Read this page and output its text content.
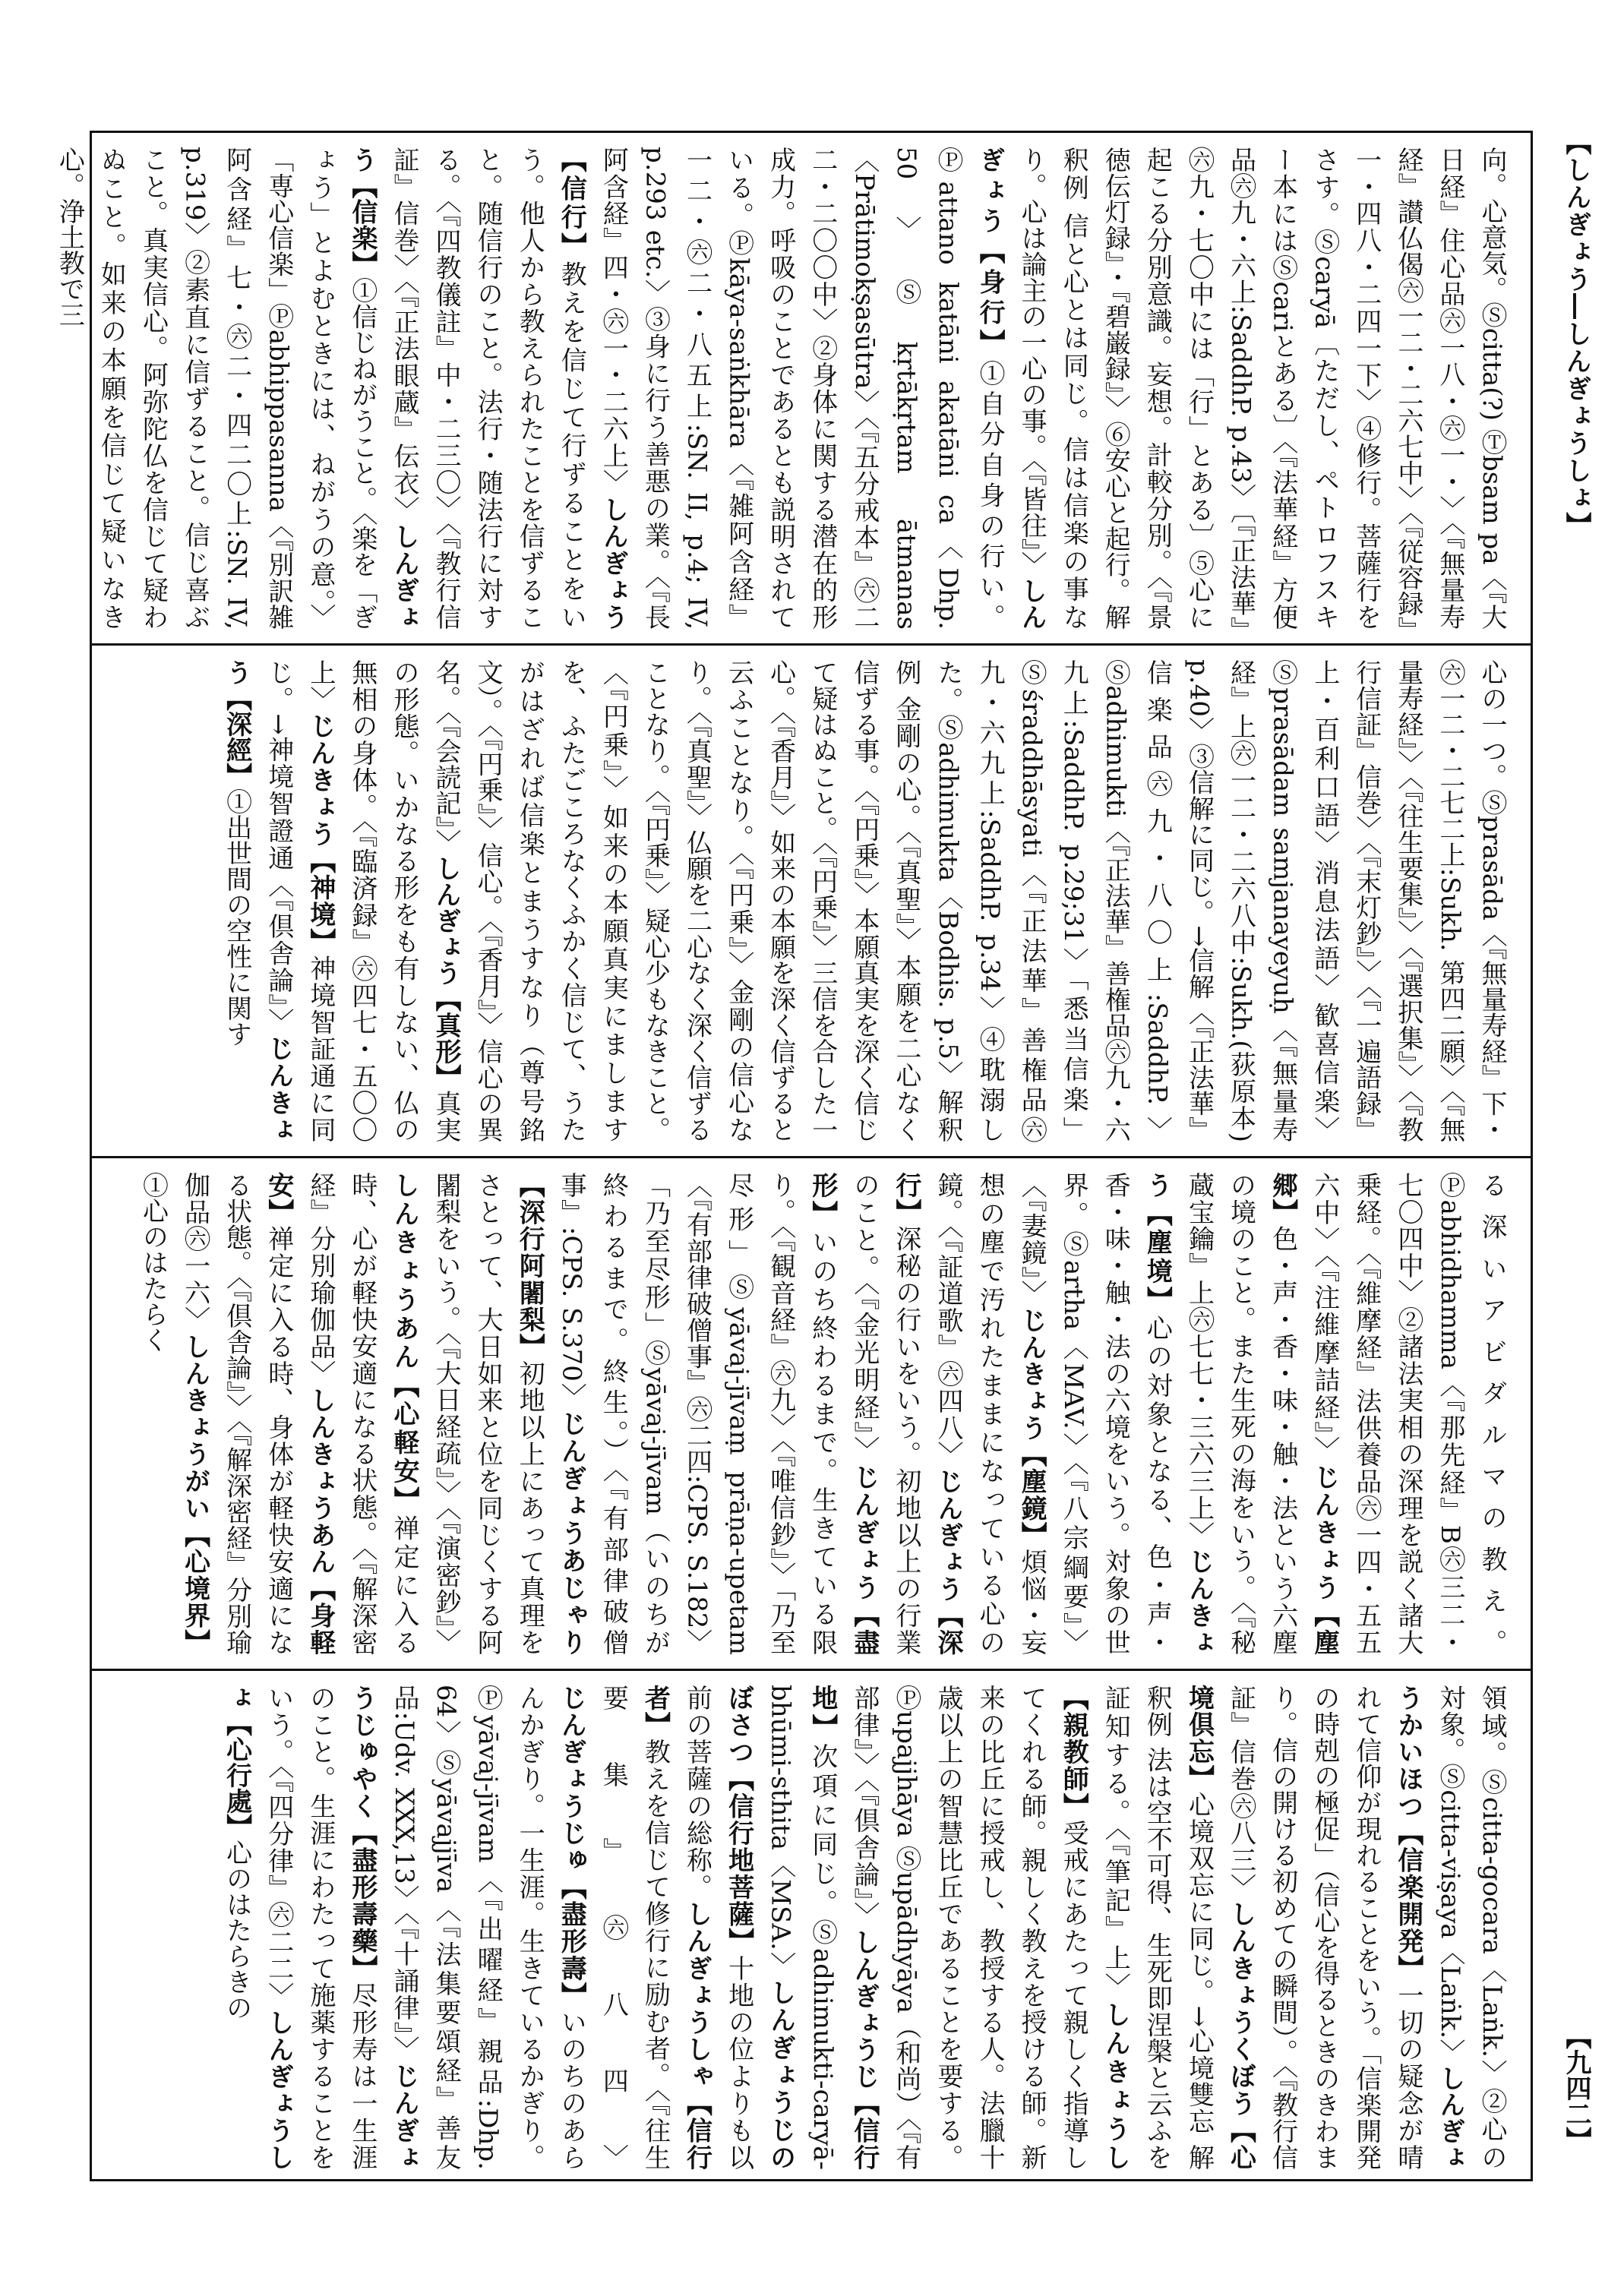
【しんぎょう―しんぎょうしょ】
【九四二】
向。心意気。Ⓢcitta(?) Ⓣbsam pa〈『大日経』住心品㊅一八・㊅一・〉〈『無量寿経』讃仏偈㊅一二・二六七中〉〈『従容録』一・四八・二四一下〉④修行。菩薩行をさす。Ⓢcaryā〔ただし、ペトロフスキー本にはⓈcariとある〕〈『法華経』方便品㊅九・六上:SaddhP. p.43〉〔『正法華』㊅九・七〇中には「行」とある〕⑤心に起こる分別意識。妄想。計較分別。〈『景徳伝灯録』・『碧巌録』〉⑥安心と起行。解釈例 信と心とは同じ。信は信楽の事なり。心は論主の一心の事。〈『皆往』〉しんぎょう【身行】①自分自身の行い。Ⓟattano katāni akatāni ca〈Dhp. 50〉Ⓢkṛtākṛtam ātmanas〈Prātimokṣasūtra〉〈『五分戒本』㊅二二・二〇〇中〉②身体に関する潜在的形成力。呼吸のことであるとも説明されている。Ⓟkāya-saṅkhāra〈『雑阿含経』一二・㊅二・八五上:SN. II, p.4; IV, p.293 etc.〉③身に行う善悪の業。〈『長阿含経』四・㊅一・二六上〉しんぎょう【信行】教えを信じて行ずることをいう。他人から教えられたことを信ずること。随信行のこと。法行・随法行に対する。〈『四教儀註』中・二三〇〉〈『教行信証』信巻〉〈『正法眼蔵』伝衣〉しんぎょう【信楽】①信じねがうこと。〈楽を「ぎょう」とよむときには、ねがうの意。〉「専心信楽」Ⓟabhippasanna〈『別訳雑阿含経』七・㊅二・四二〇上:SN. IV, p.319〉②素直に信ずること。信じ喜ぶこと。真実信心。阿弥陀仏を信じて疑わぬこと。如来の本願を信じて疑いなき心。浄土教で三
心の一つ。Ⓢprasāda〈『無量寿経』下・㊅一二・二七二上:Sukh. 第四二願〉〈『無量寿経』〉〈『往生要集』〉〈『選択集』〉〈『教行信証』信巻〉〈『末灯鈔』〉〈『一遍語録』上・百利口語〉消息法語〉歓喜信楽〉Ⓢprasādam samjanayeyuḥ〈『無量寿経』上㊅一二・二六八中:Sukh.(荻原本) p.40〉③信解に同じ。→信解〈『正法華』信楽品㊅九・八〇上:SaddhP.〉Ⓢadhimukti〈『正法華』善権品㊅九・六九上:SaddhP. p.29;31〉「悉当信楽」Ⓢśraddhāsyati〈『正法華』善権品㊅九・六九上:SaddhP. p.34〉④耽溺した。Ⓢadhimukta〈Bodhis. p.5〉解釈例 金剛の心。〈『真聖』〉本願を二心なく信ずる事。〈『円乗』〉本願真実を深く信じて疑はぬこと。〈『円乗』〉三信を合した一心。〈『香月』〉如来の本願を深く信ずると云ふことなり。〈『円乗』〉金剛の信心なり。〈『真聖』〉仏願を二心なく深く信ずることなり。〈『円乗』〉疑心少もなきこと。〈『円乗』〉如来の本願真実にましますを、ふたごころなくふかく信じて、うたがはざれば信楽とまうすなり（尊号銘文）。〈『円乗』〉信心。〈『香月』〉信心の異名。〈『会読記』〉しんぎょう【真形】真実の形態。いかなる形をも有しない、仏の無相の身体。〈『臨済録』㊅四七・五〇〇上〉じんきょう【神境】神境智証通に同じ。→神境智證通〈『倶舎論』〉じんきょう【深經】①出世間の空性に関す
る深いアビダルマの教え。Ⓟabhidhamma〈『那先経』B㊅三二・七〇四中〉②諸法実相の深理を説く諸大乗経。〈『維摩経』法供養品㊅一四・五五六中〉〈『注維摩詰経』〉じんきょう【塵郷】色・声・香・味・触・法という六塵の境のこと。また生死の海をいう。〈『秘蔵宝鑰』上㊅七七・三六三上〉じんきょう【塵境】心の対象となる、色・声・香・味・触・法の六境をいう。対象の世界。Ⓢartha〈MAV.〉〈『八宗綱要』〉〈『妻鏡』〉じんきょう【塵鏡】煩悩・妄想の塵で汚れたままになっている心の鏡。〈『証道歌』㊅四八〉じんぎょう【深行】深秘の行いをいう。初地以上の行業のこと。〈『金光明経』〉じんぎょう【盡形】いのち終わるまで。生きている限り。〈『観音経』㊅九〉〈『唯信鈔』〉「乃至尽形」Ⓢyāvaj-jīvaṃ prāṇa-upetam〈『有部律破僧事』㊅二四:CPS. S.182〉「乃至尽形」Ⓢyāvaj-jīvam（いのちが終わるまで。終生。）〈『有部律破僧事』:CPS. S.370〉じんぎょうあじゃり【深行阿闍梨】初地以上にあって真理をさとって、大日如来と位を同じくする阿闍梨をいう。〈『大日経疏』〉〈『演密鈔』〉しんきょうあん【心軽安】禅定に入る時、心が軽快安適になる状態。〈『解深密経』分別瑜伽品〉しんきょうあん【身軽安】禅定に入る時、身体が軽快安適になる状態。〈『倶舎論』〉〈『解深密経』分別瑜伽品㊅一六〉しんきょうがい【心境界】①心のはたらく
領域。Ⓢcitta-gocara〈Laṅk.〉②心の対象。Ⓢcitta-viṣaya〈Laṅk.〉しんぎょうかいほつ【信楽開発】一切の疑念が晴れて信仰が現れることをいう。「信楽開発の時剋の極促」（信心を得るときのきわまり。信の開ける初めての瞬間）。〈『教行信証』信巻㊅八三〉しんきょうくぼう【心境倶忘】心境双忘に同じ。→心境雙忘 解釈例 法は空不可得、生死即涅槃と云ふを証知する。〈『筆記』上〉しんきょうし【親教師】受戒にあたって親しく指導してくれる師。親しく教えを授ける師。新来の比丘に授戒し、教授する人。法臘十歳以上の智慧比丘であることを要する。Ⓟupajjhāya Ⓢupādhyāya（和尚）〈『有部律』〉〈『倶舎論』〉しんぎょうじ【信行地】次項に同じ。Ⓢadhimukti-caryā-bhūmi-sthita〈MSA.〉しんぎょうじのぼさつ【信行地菩薩】十地の位よりも以前の菩薩の総称。しんぎょうしゃ【信行者】教えを信じて修行に励む者。〈『往生要集』㊅八四〉じんぎょうじゅ【盡形壽】いのちのあらんかぎり。一生涯。生きているかぎり。Ⓟyāvaj-jīvam〈『出曜経』親品:Dhp. 64〉Ⓢyāvajjīva〈『法集要頌経』善友品:Udv. XXX,13〉〈『十誦律』〉じんぎょうじゅやく【盡形壽藥】尽形寿は一生涯のこと。生涯にわたって施薬することをいう。〈『四分律』㊅二二〉しんぎょうしょ【心行處】心のはたらきの
